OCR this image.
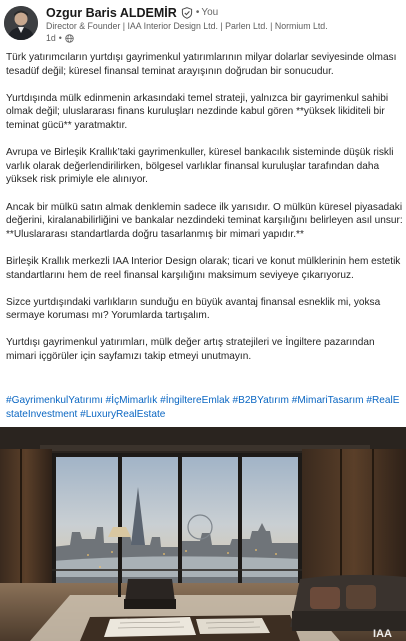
Ozgur Baris ALDEMİR • You
Director & Founder | IAA Interior Design Ltd. | Parlen Ltd. | Normium Ltd.
1d •

Türk yatırımcıların yurtdışı gayrimenkul yatırımlarının milyar dolarlar seviyesinde olması tesadüf değil; küresel finansal teminat arayışının doğrudan bir sonucudur.

Yurtdışında mülk edinmenin arkasındaki temel strateji, yalnızca bir gayrimenkul sahibi olmak değil; uluslararası finans kuruluşları nezdinde kabul gören **yüksek likiditeli bir teminat gücü** yaratmaktır.

Avrupa ve Birleşik Krallık’taki gayrimenkuller, küresel bankacılık sisteminde düşük riskli varlık olarak değerlendirilirken, bölgesel varlıklar finansal kuruluşlar tarafından daha yüksek risk primiyle ele alınıyor.

Ancak bir mülkü satın almak denklemin sadece ilk yarısıdır. O mülkün küresel piyasadaki değerini, kiralanabilirliğini ve bankalar nezdindeki teminat karşılığını belirleyen asıl unsur: **Uluslararası standartlarda doğru tasarlanmış bir mimari yapıdır.**

Birleşik Krallık merkezli IAA Interior Design olarak; ticari ve konut mülklerinin hem estetik standartlarını hem de reel finansal karşılığını maksimum seviyeye çıkarıyoruz.

Sizce yurtdışındaki varlıkların sunduğu en büyük avantaj finansal esneklik mi, yoksa sermaye koruması mı? Yorumlarda tartışalım.

Yurtdışı gayrimenkul yatırımları, mülk değer artış stratejileri ve İngiltere pazarından mimari içgörüler için sayfamızı takip etmeyi unutmayın.

#GayrimenkulYatırımı #İçMimarlık #İngiltereEmlak #B2BYatırım #MimariTasarım #RealEstateInvestment #LuxuryRealEstate
IAA
